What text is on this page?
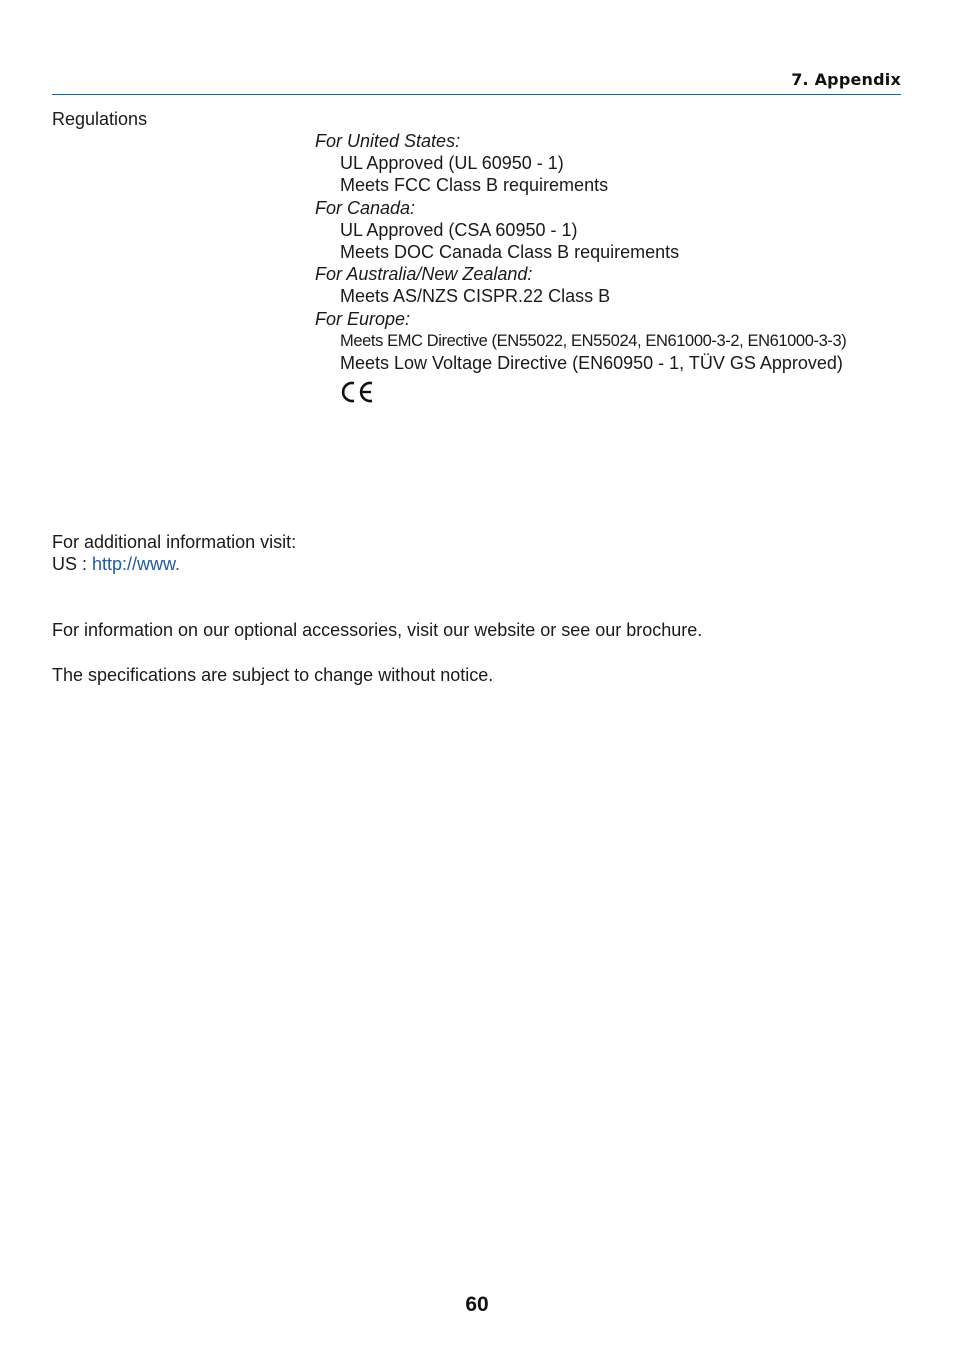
7. Appendix
Regulations
For United States:
UL Approved (UL 60950 - 1)
Meets FCC Class B requirements
For Canada:
UL Approved (CSA 60950 - 1)
Meets DOC Canada Class B requirements
For Australia/New Zealand:
Meets AS/NZS CISPR.22 Class B
For Europe:
Meets EMC Directive (EN55022, EN55024, EN61000-3-2, EN61000-3-3)
Meets Low Voltage Directive (EN60950 - 1, TÜV GS Approved)
For additional information visit:
US : http://www.
For information on our optional accessories, visit our website or see our brochure.
The specifications are subject to change without notice.
60
